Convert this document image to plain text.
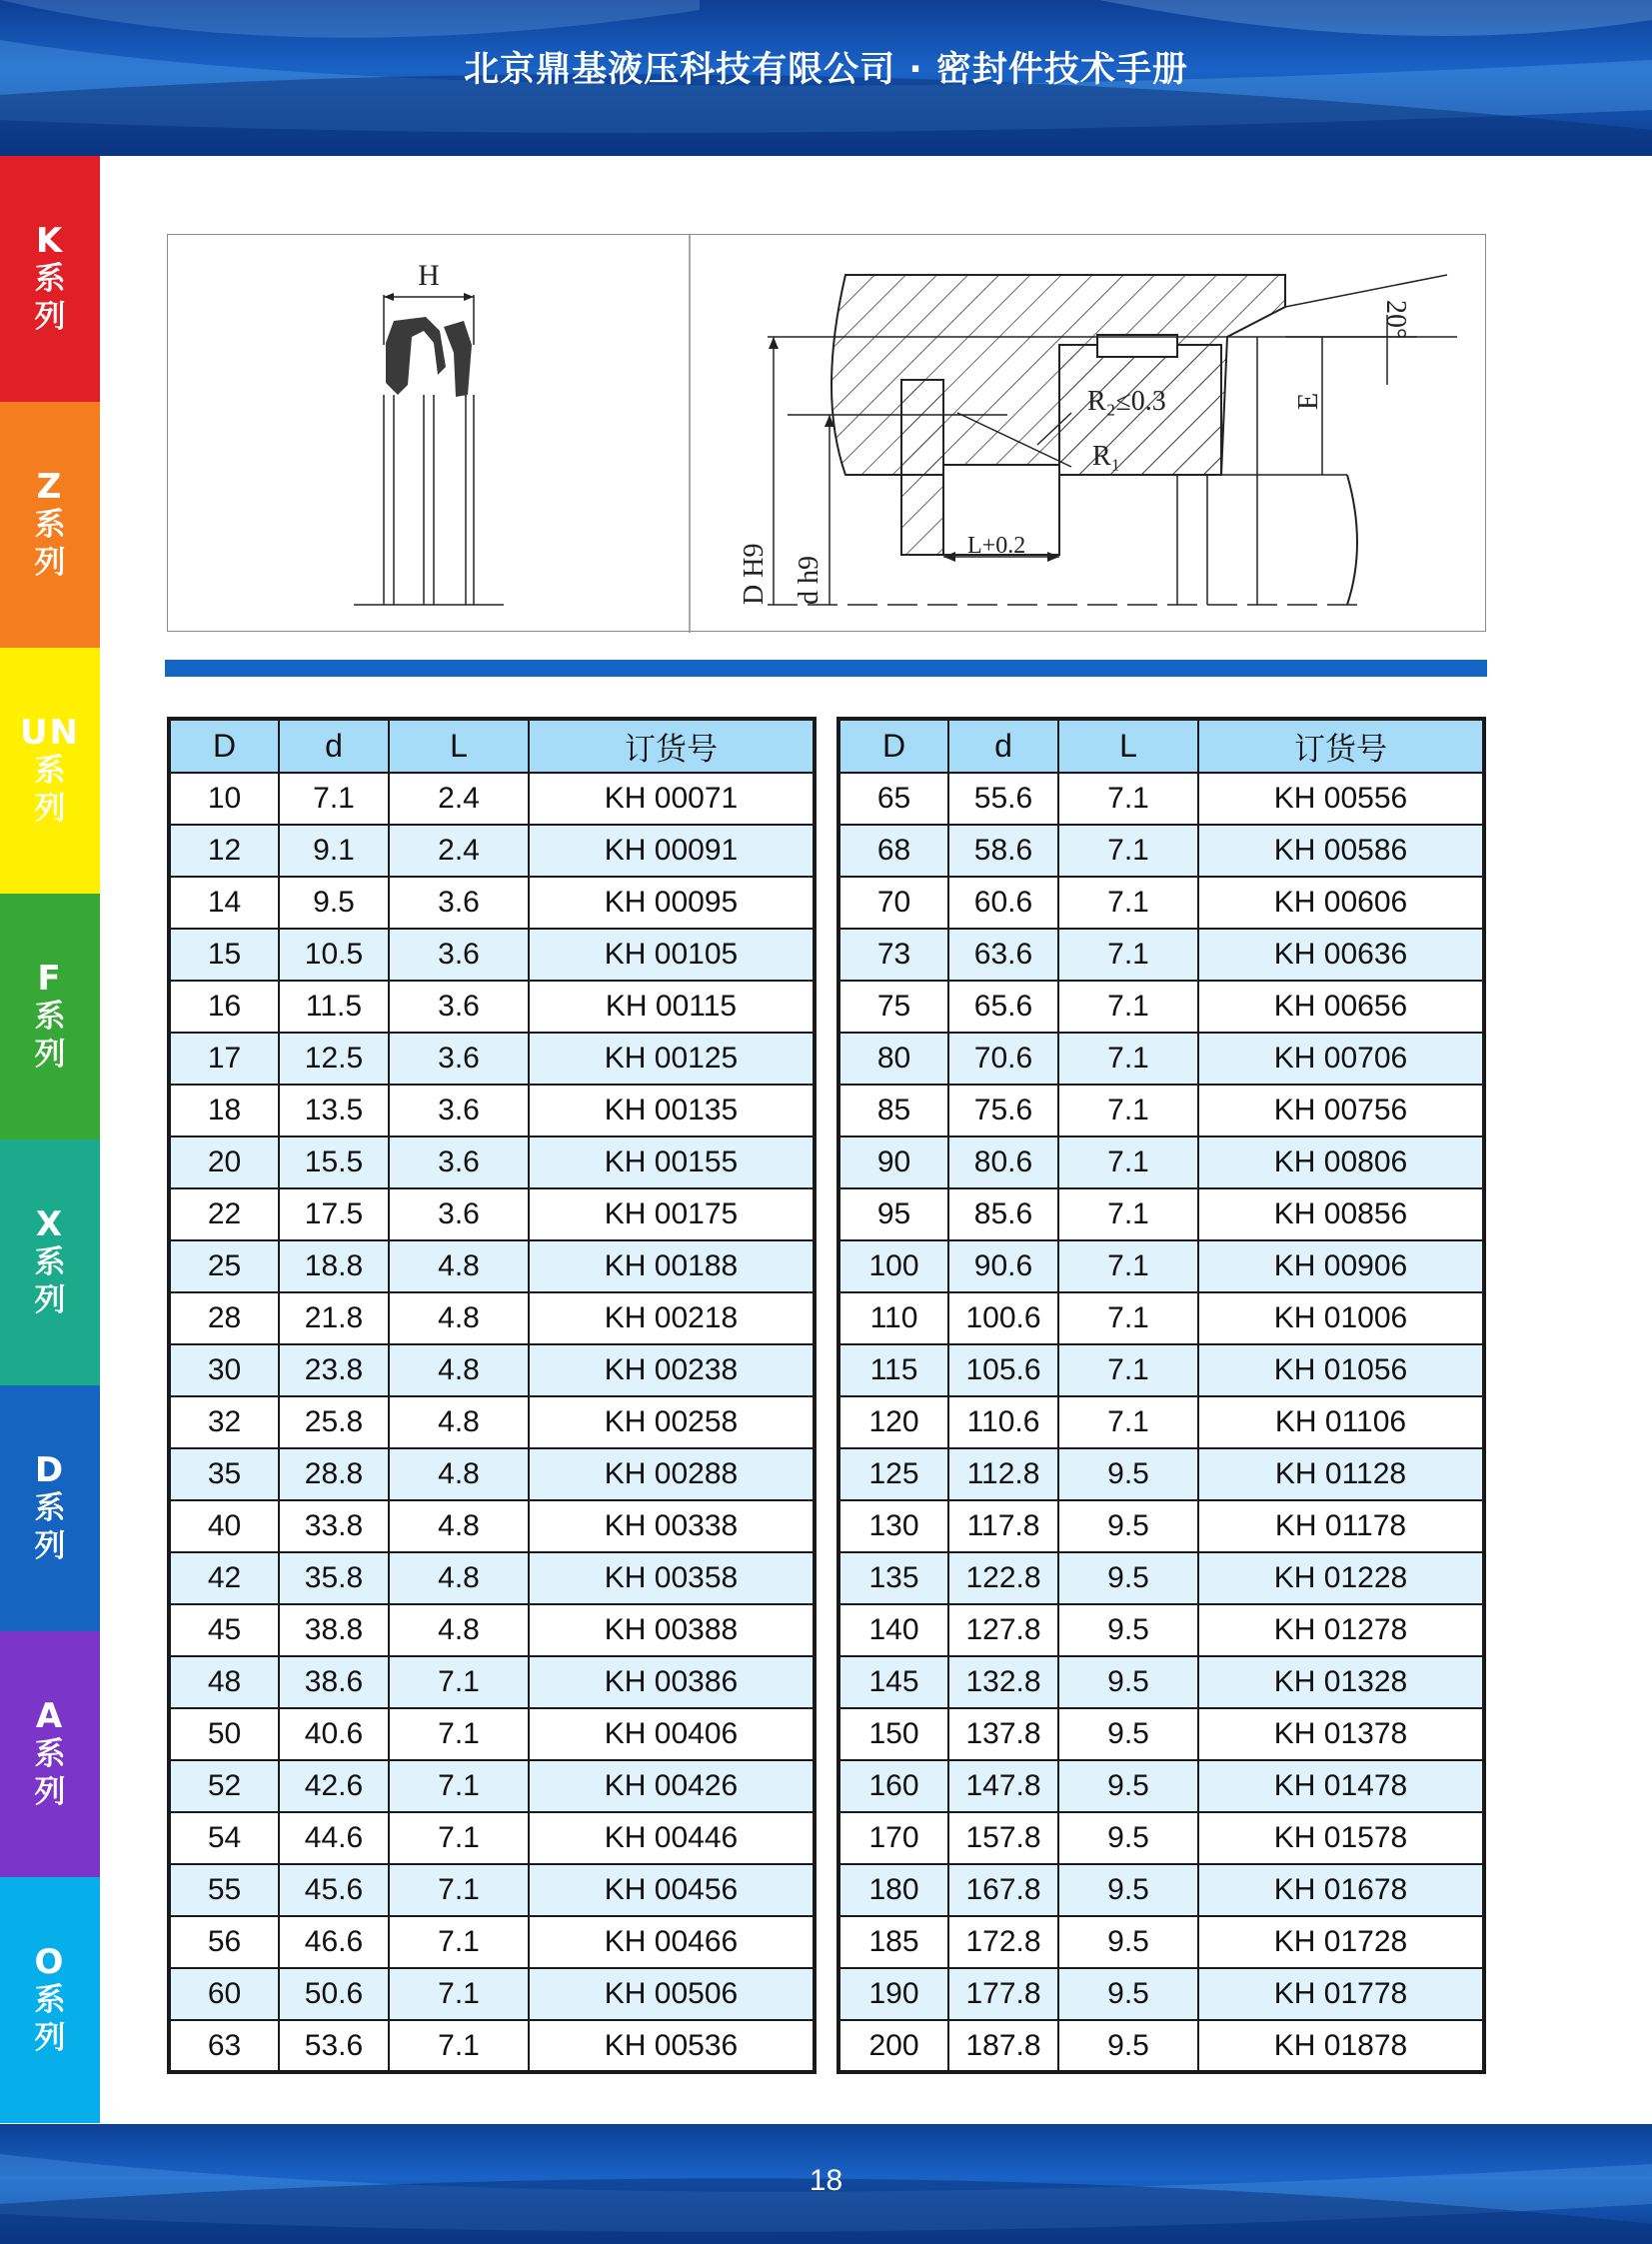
北京鼎基液压科技有限公司 · 密封件技术手册
K
系
列
Z
系
列
UN
系
列
F
系
列
X
系
列
D
系
列
A
系
列
O
系
列
H
20°
R₂≤0.3
R₁
E
D H9 d h9
L+0.2
D	d	L	订货号
10	7.1	2.4	KH 00071
12	9.1	2.4	KH 00091
14	9.5	3.6	KH 00095
15	10.5	3.6	KH 00105
16	11.5	3.6	KH 00115
17	12.5	3.6	KH 00125
18	13.5	3.6	KH 00135
20	15.5	3.6	KH 00155
22	17.5	3.6	KH 00175
25	18.8	4.8	KH 00188
28	21.8	4.8	KH 00218
30	23.8	4.8	KH 00238
32	25.8	4.8	KH 00258
35	28.8	4.8	KH 00288
40	33.8	4.8	KH 00338
42	35.8	4.8	KH 00358
45	38.8	4.8	KH 00388
48	38.6	7.1	KH 00386
50	40.6	7.1	KH 00406
52	42.6	7.1	KH 00426
54	44.6	7.1	KH 00446
55	45.6	7.1	KH 00456
56	46.6	7.1	KH 00466
60	50.6	7.1	KH 00506
63	53.6	7.1	KH 00536
D	d	L	订货号
65	55.6	7.1	KH 00556
68	58.6	7.1	KH 00586
70	60.6	7.1	KH 00606
73	63.6	7.1	KH 00636
75	65.6	7.1	KH 00656
80	70.6	7.1	KH 00706
85	75.6	7.1	KH 00756
90	80.6	7.1	KH 00806
95	85.6	7.1	KH 00856
100	90.6	7.1	KH 00906
110	100.6	7.1	KH 01006
115	105.6	7.1	KH 01056
120	110.6	7.1	KH 01106
125	112.8	9.5	KH 01128
130	117.8	9.5	KH 01178
135	122.8	9.5	KH 01228
140	127.8	9.5	KH 01278
145	132.8	9.5	KH 01328
150	137.8	9.5	KH 01378
160	147.8	9.5	KH 01478
170	157.8	9.5	KH 01578
180	167.8	9.5	KH 01678
185	172.8	9.5	KH 01728
190	177.8	9.5	KH 01778
200	187.8	9.5	KH 01878
18
